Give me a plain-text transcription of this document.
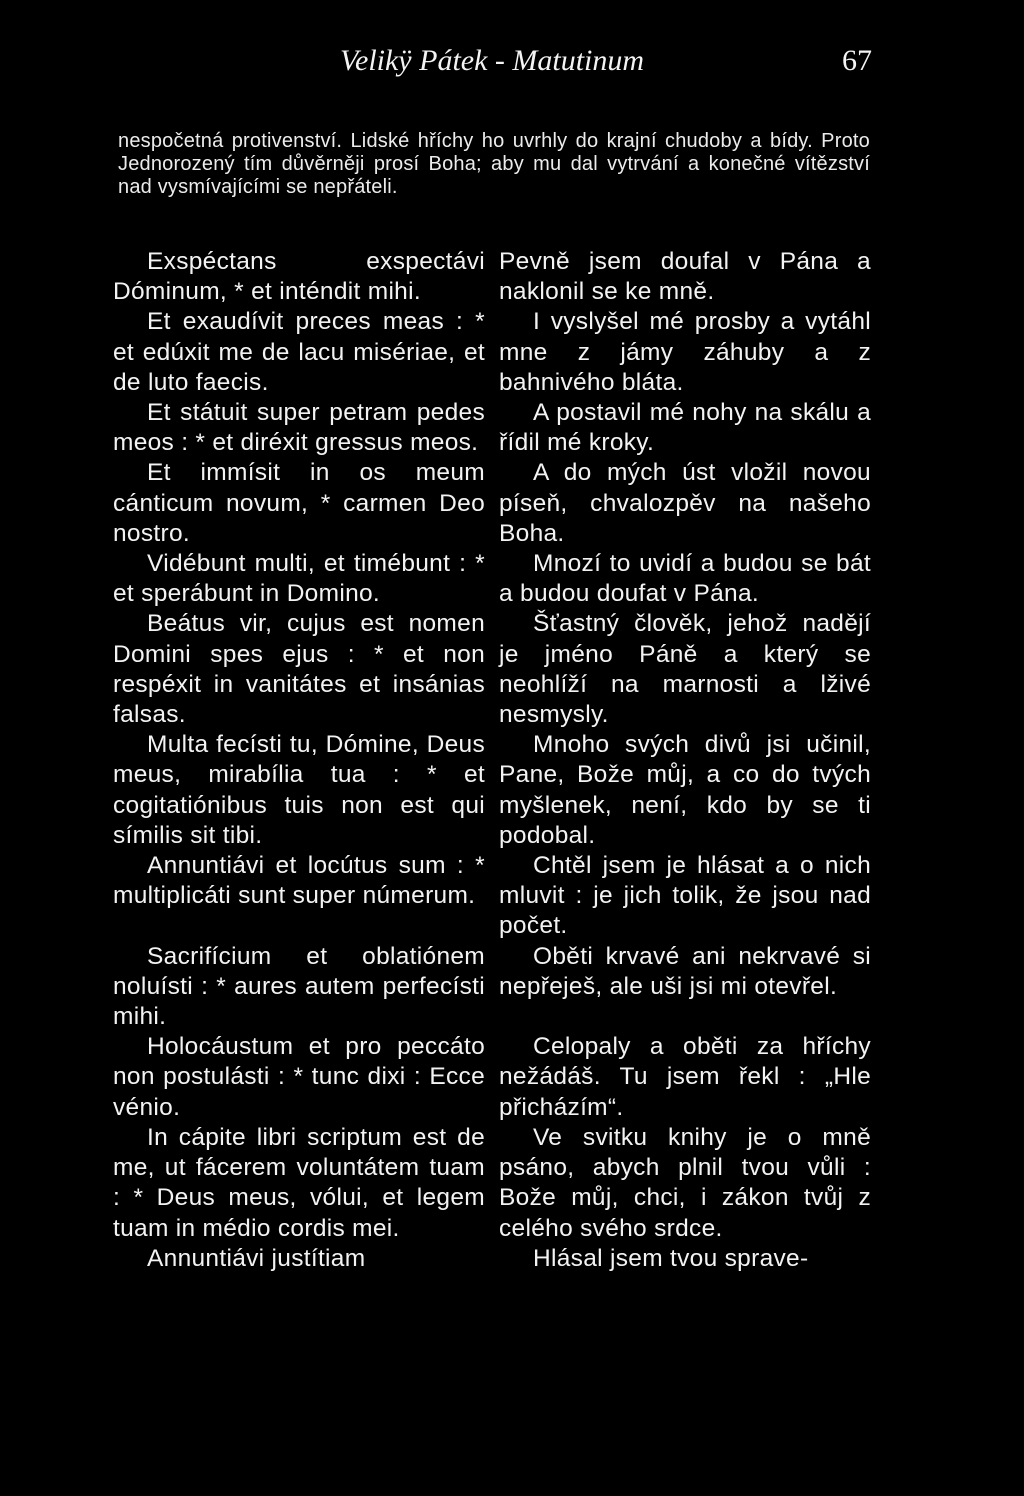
Velikÿ Pátek - Matutinum	67

nespočetná protivenství. Lidské hříchy ho uvrhly do krajní chudoby a bídy. Proto Jednorozený tím důvěrněji prosí Boha; aby mu dal vytrvání a konečné vítězství nad vysmívajícími se nepřáteli.

Exspéctans exspectávi Dóminum, * et inténdit mihi.
Pevně jsem doufal v Pána a naklonil se ke mně.
Et exaudívit preces meas : * et edúxit me de lacu misériae, et de luto faecis.
I vyslyšel mé prosby a vytáhl mne z jámy záhuby a z bahnivého bláta.
Et státuit super petram pedes meos : * et diréxit gressus meos.
A postavil mé nohy na skálu a řídil mé kroky.
Et immísit in os meum cánticum novum, * carmen Deo nostro.
A do mých úst vložil novou píseň, chvalozpěv na našeho Boha.
Vidébunt multi, et timébunt : * et sperábunt in Domino.
Mnozí to uvidí a budou se bát a budou doufat v Pána.
Beátus vir, cujus est nomen Domini spes ejus : * et non respéxit in vanitátes et insánias falsas.
Šťastný člověk, jehož nadějí je jméno Páně a který se neohlíží na marnosti a lživé nesmysly.
Multa fecísti tu, Dómine, Deus meus, mirabília tua : * et cogitatiónibus tuis non est qui símilis sit tibi.
Mnoho svých divů jsi učinil, Pane, Bože můj, a co do tvých myšlenek, není, kdo by se ti podobal.
Annuntiávi et locútus sum : * multiplicáti sunt super númerum.
Chtěl jsem je hlásat a o nich mluvit : je jich tolik, že jsou nad počet.
Sacrifícium et oblatiónem noluísti : * aures autem perfecísti mihi.
Oběti krvavé ani nekrvavé si nepřeješ, ale uši jsi mi otevřel.
Holocáustum et pro peccáto non postulásti : * tunc dixi : Ecce vénio.
Celopaly a oběti za hříchy nežádáš. Tu jsem řekl : „Hle přicházím“.
In cápite libri scriptum est de me, ut fácerem voluntátem tuam : * Deus meus, vólui, et legem tuam in médio cordis mei.
Ve svitku knihy je o mně psáno, abych plnil tvou vůli : Bože můj, chci, i zákon tvůj z celého svého srdce.
Annuntiávi justítiam	Hlásal jsem tvou sprave-
